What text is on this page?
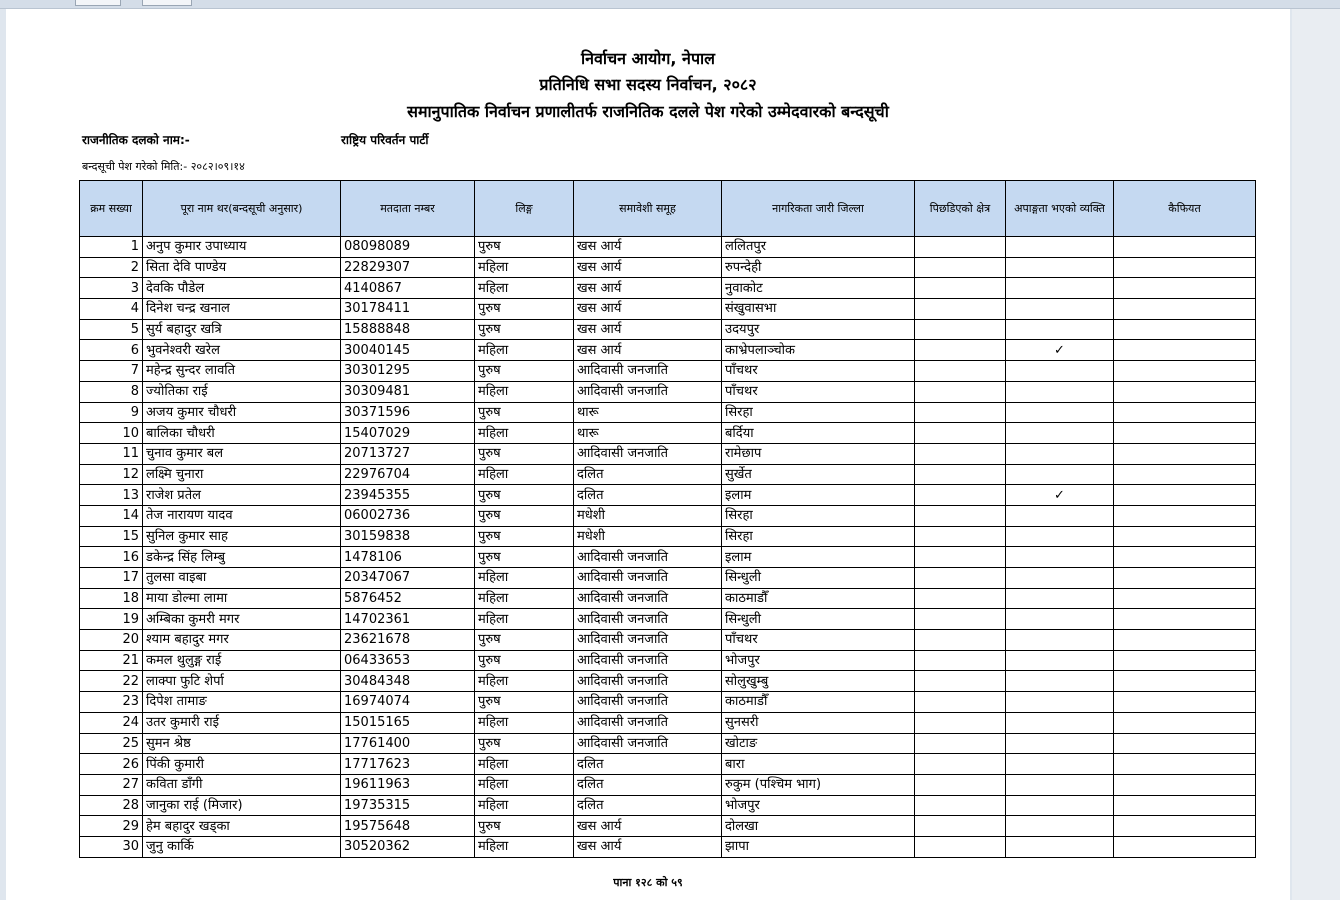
निर्वाचन आयोग, नेपाल
प्रतिनिधि सभा सदस्य निर्वाचन, २०८२
समानुपातिक निर्वाचन प्रणालीतर्फ राजनितिक दलले पेश गरेको उम्मेदवारको बन्दसूची
राजनीतिक दलको नाम:-	राष्ट्रिय परिवर्तन पार्टी
बन्दसूची पेश गरेको मिति:- २०८२।०९।१४
क्रम सख्या	पूरा नाम थर(बन्दसूची अनुसार)	मतदाता नम्बर	लिङ्ग	समावेशी समूह	नागरिकता जारी जिल्ला	पिछडिएको क्षेत्र	अपाङ्गता भएको व्यक्ति	कैफियत
1	अनुप कुमार उपाध्याय	08098089	पुरुष	खस आर्य	ललितपुर			
2	सिता देवि पाण्डेय	22829307	महिला	खस आर्य	रुपन्देही			
3	देवकि पौडेल	4140867	महिला	खस आर्य	नुवाकोट			
4	दिनेश चन्द्र खनाल	30178411	पुरुष	खस आर्य	संखुवासभा			
5	सुर्य बहादुर खत्रि	15888848	पुरुष	खस आर्य	उदयपुर			
6	भुवनेश्वरी खरेल	30040145	महिला	खस आर्य	काभ्रेपलाञ्चोक		✓	
7	महेन्द्र सुन्दर लावति	30301295	पुरुष	आदिवासी जनजाति	पाँचथर			
8	ज्योतिका राई	30309481	महिला	आदिवासी जनजाति	पाँचथर			
9	अजय कुमार चौधरी	30371596	पुरुष	थारू	सिरहा			
10	बालिका चौधरी	15407029	महिला	थारू	बर्दिया			
11	चुनाव कुमार बल	20713727	पुरुष	आदिवासी जनजाति	रामेछाप			
12	लक्ष्मि चुनारा	22976704	महिला	दलित	सुर्खेत			
13	राजेश प्रतेल	23945355	पुरुष	दलित	इलाम		✓	
14	तेज नारायण यादव	06002736	पुरुष	मधेशी	सिरहा			
15	सुनिल कुमार साह	30159838	पुरुष	मधेशी	सिरहा			
16	डकेन्द्र सिंह लिम्बु	1478106	पुरुष	आदिवासी जनजाति	इलाम			
17	तुलसा वाइबा	20347067	महिला	आदिवासी जनजाति	सिन्धुली			
18	माया डोल्मा लामा	5876452	महिला	आदिवासी जनजाति	काठमाडौँ			
19	अम्बिका कुमरी मगर	14702361	महिला	आदिवासी जनजाति	सिन्धुली			
20	श्याम बहादुर मगर	23621678	पुरुष	आदिवासी जनजाति	पाँचथर			
21	कमल थुलुङ्ग राई	06433653	पुरुष	आदिवासी जनजाति	भोजपुर			
22	लाक्पा फुटि शेर्पा	30484348	महिला	आदिवासी जनजाति	सोलुखुम्बु			
23	दिपेश तामाङ	16974074	पुरुष	आदिवासी जनजाति	काठमाडौँ			
24	उतर कुमारी राई	15015165	महिला	आदिवासी जनजाति	सुनसरी			
25	सुमन श्रेष्ठ	17761400	पुरुष	आदिवासी जनजाति	खोटाङ			
26	पिंकी कुमारी	17717623	महिला	दलित	बारा			
27	कविता डाँगी	19611963	महिला	दलित	रुकुम (पश्चिम भाग)			
28	जानुका राई (मिजार)	19735315	महिला	दलित	भोजपुर			
29	हेम बहादुर खड्का	19575648	पुरुष	खस आर्य	दोलखा			
30	जुनु कार्कि	30520362	महिला	खस आर्य	झापा			
पाना १२८ को ५९
